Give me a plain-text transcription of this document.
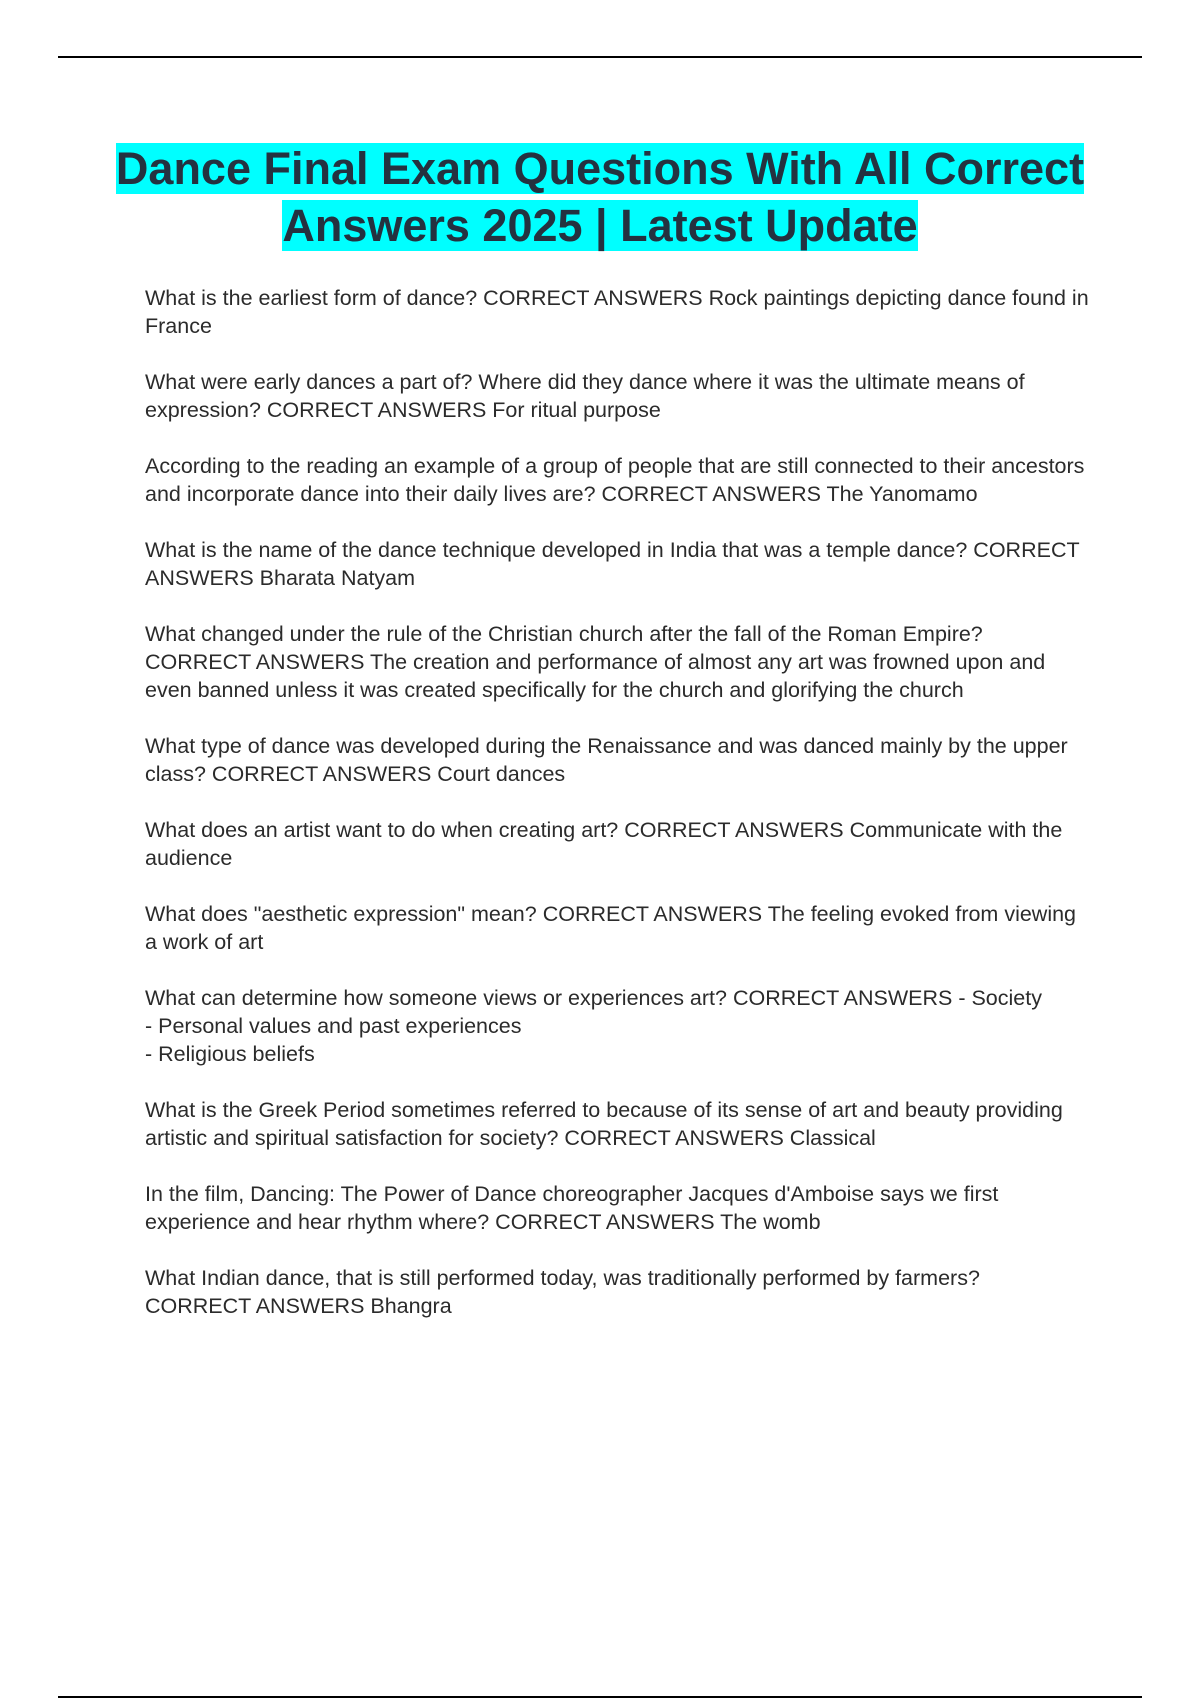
Dance Final Exam Questions With All Correct Answers 2025 | Latest Update

What is the earliest form of dance? CORRECT ANSWERS Rock paintings depicting dance found in France

What were early dances a part of? Where did they dance where it was the ultimate means of expression? CORRECT ANSWERS For ritual purpose

According to the reading an example of a group of people that are still connected to their ancestors and incorporate dance into their daily lives are? CORRECT ANSWERS The Yanomamo

What is the name of the dance technique developed in India that was a temple dance? CORRECT ANSWERS Bharata Natyam

What changed under the rule of the Christian church after the fall of the Roman Empire? CORRECT ANSWERS The creation and performance of almost any art was frowned upon and even banned unless it was created specifically for the church and glorifying the church

What type of dance was developed during the Renaissance and was danced mainly by the upper class? CORRECT ANSWERS Court dances

What does an artist want to do when creating art? CORRECT ANSWERS Communicate with the audience

What does "aesthetic expression" mean? CORRECT ANSWERS The feeling evoked from viewing a work of art

What can determine how someone views or experiences art? CORRECT ANSWERS - Society
- Personal values and past experiences
- Religious beliefs

What is the Greek Period sometimes referred to because of its sense of art and beauty providing artistic and spiritual satisfaction for society? CORRECT ANSWERS Classical

In the film, Dancing: The Power of Dance choreographer Jacques d'Amboise says we first experience and hear rhythm where? CORRECT ANSWERS The womb

What Indian dance, that is still performed today, was traditionally performed by farmers? CORRECT ANSWERS Bhangra
